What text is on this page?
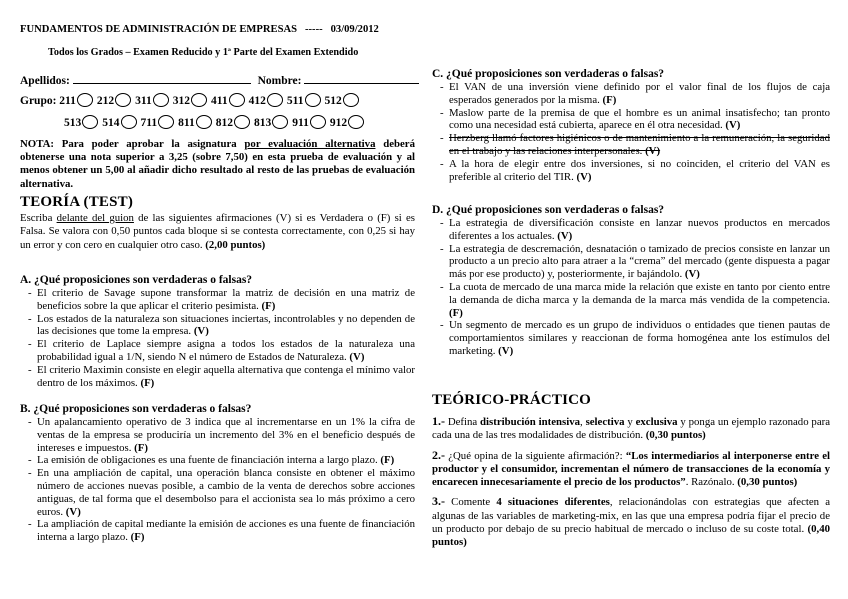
FUNDAMENTOS DE ADMINISTRACIÓN DE EMPRESAS ----- 03/09/2012
Todos los Grados – Examen Reducido y 1ª Parte del Examen Extendido
Apellidos:	Nombre:
Grupo: 211 212 311 312 411 412 511 512
513 514 711 811 812 813 911 912
NOTA: Para poder aprobar la asignatura por evaluación alternativa deberá obtenerse una nota superior a 3,25 (sobre 7,50) en esta prueba de evaluación y al menos obtener un 5,00 al añadir dicho resultado al resto de las pruebas de evaluación alternativa.
TEORÍA (TEST)
Escriba delante del guion de las siguientes afirmaciones (V) si es Verdadera o (F) si es Falsa. Se valora con 0,50 puntos cada bloque si se contesta correctamente, con 0,25 si hay un error y con cero en cualquier otro caso. (2,00 puntos)
A. ¿Qué proposiciones son verdaderas o falsas?
- El criterio de Savage supone transformar la matriz de decisión en una matriz de beneficios sobre la que aplicar el criterio pesimista. (F)
- Los estados de la naturaleza son situaciones inciertas, incontrolables y no dependen de las decisiones que tome la empresa. (V)
- El criterio de Laplace siempre asigna a todos los estados de la naturaleza una probabilidad igual a 1/N, siendo N el número de Estados de Naturaleza. (V)
- El criterio Maximin consiste en elegir aquella alternativa que contenga el mínimo valor dentro de los máximos. (F)
B. ¿Qué proposiciones son verdaderas o falsas?
- Un apalancamiento operativo de 3 indica que al incrementarse en un 1% la cifra de ventas de la empresa se produciría un incremento del 3% en el beneficio después de intereses e impuestos. (F)
- La emisión de obligaciones es una fuente de financiación interna a largo plazo. (F)
- En una ampliación de capital, una operación blanca consiste en obtener el máximo número de acciones nuevas posible, a cambio de la venta de derechos sobre acciones antiguas, de tal forma que el desembolso para el accionista sea lo más próximo a cero euros. (V)
- La ampliación de capital mediante la emisión de acciones es una fuente de financiación interna a largo plazo. (F)
C. ¿Qué proposiciones son verdaderas o falsas?
- El VAN de una inversión viene definido por el valor final de los flujos de caja esperados generados por la misma. (F)
- Maslow parte de la premisa de que el hombre es un animal insatisfecho; tan pronto como una necesidad está cubierta, aparece en él otra necesidad. (V)
- Herzberg llamó factores higiénicos o de mantenimiento a la remuneración, la seguridad en el trabajo y las relaciones interpersonales. (V)
- A la hora de elegir entre dos inversiones, si no coinciden, el criterio del VAN es preferible al criterio del TIR. (V)
D. ¿Qué proposiciones son verdaderas o falsas?
- La estrategia de diversificación consiste en lanzar nuevos productos en mercados diferentes a los actuales. (V)
- La estrategia de descremación, desnatación o tamizado de precios consiste en lanzar un producto a un precio alto para atraer a la “crema” del mercado (gente dispuesta a pagar más por ese producto) y, posteriormente, ir bajándolo. (V)
- La cuota de mercado de una marca mide la relación que existe en tanto por ciento entre la demanda de dicha marca y la demanda de la marca más vendida de la competencia. (F)
- Un segmento de mercado es un grupo de individuos o entidades que tienen pautas de comportamientos similares y reaccionan de forma homogénea ante los estímulos del marketing. (V)
TEÓRICO-PRÁCTICO

1.- Defina distribución intensiva, selectiva y exclusiva y ponga un ejemplo razonado para cada una de las tres modalidades de distribución. (0,30 puntos)

2.- ¿Qué opina de la siguiente afirmación?: “Los intermediarios al interponerse entre el productor y el consumidor, incrementan el número de transacciones de la economía y encarecen innecesariamente el precio de los productos”. Razónalo. (0,30 puntos)

3.- Comente 4 situaciones diferentes, relacionándolas con estrategias que afecten a algunas de las variables de marketing-mix, en las que una empresa podría fijar el precio de un producto por debajo de su precio habitual de mercado o incluso de su coste total. (0,40 puntos)
